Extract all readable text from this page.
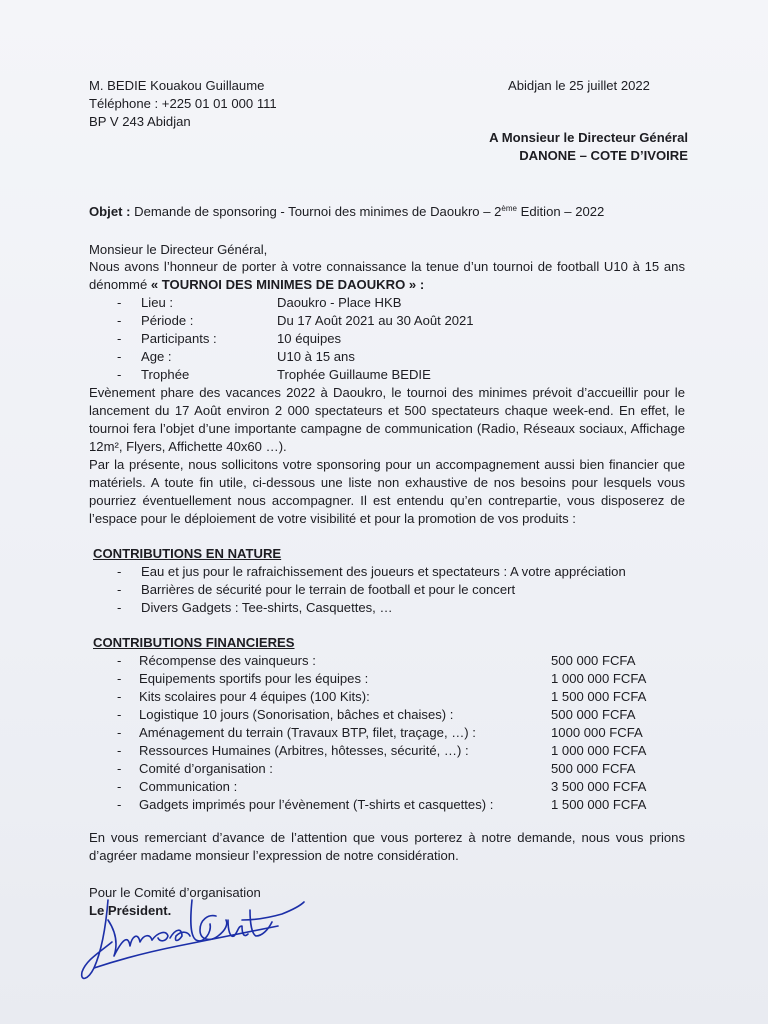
M. BEDIE Kouakou Guillaume
Téléphone : +225 01 01 000 111
BP V 243 Abidjan
Abidjan le 25 juillet 2022
A Monsieur le Directeur Général
DANONE – COTE D’IVOIRE
Objet : Demande de sponsoring - Tournoi des minimes de Daoukro – 2ème Edition – 2022
Monsieur le Directeur Général,

Nous avons l’honneur de porter à votre connaissance la tenue d’un tournoi de football U10 à 15 ans dénommé « TOURNOI DES MINIMES DE DAOUKRO » :

- Lieu :	Daoukro - Place HKB
- Période :	Du 17 Août 2021 au 30 Août 2021
- Participants :	10 équipes
- Age :	U10 à 15 ans
- Trophée	Trophée Guillaume BEDIE

Evènement phare des vacances 2022 à Daoukro, le tournoi des minimes prévoit d’accueillir pour le lancement du 17 Août environ 2 000 spectateurs et 500 spectateurs chaque week-end. En effet, le tournoi fera l’objet d’une importante campagne de communication (Radio, Réseaux sociaux, Affichage 12m², Flyers, Affichette 40x60 …).

Par la présente, nous sollicitons votre sponsoring pour un accompagnement aussi bien financier que matériels. A toute fin utile, ci-dessous une liste non exhaustive de nos besoins pour lesquels vous pourriez éventuellement nous accompagner. Il est entendu qu’en contrepartie, vous disposerez de l’espace pour le déploiement de votre visibilité et pour la promotion de vos produits :

CONTRIBUTIONS EN NATURE
- Eau et jus pour le rafraichissement des joueurs et spectateurs : A votre appréciation
- Barrières de sécurité pour le terrain de football et pour le concert
- Divers Gadgets : Tee-shirts, Casquettes, …
CONTRIBUTIONS FINANCIERES
- Récompense des vainqueurs :	500 000 FCFA
- Equipements sportifs pour les équipes :	1 000 000 FCFA
- Kits scolaires pour 4 équipes (100 Kits):	1 500 000 FCFA
- Logistique 10 jours (Sonorisation, bâches et chaises) :	500 000 FCFA
- Aménagement du terrain (Travaux BTP, filet, traçage, …) :	1000 000 FCFA
- Ressources Humaines (Arbitres, hôtesses, sécurité, …) :	1 000 000 FCFA
- Comité d’organisation :	500 000 FCFA
- Communication :	3 500 000 FCFA
- Gadgets imprimés pour l’évènement (T-shirts et casquettes) :	1 500 000 FCFA

En vous remerciant d’avance de l’attention que vous porterez à notre demande, nous vous prions d’agréer madame monsieur l’expression de notre considération.

Pour le Comité d’organisation
Le Président.
